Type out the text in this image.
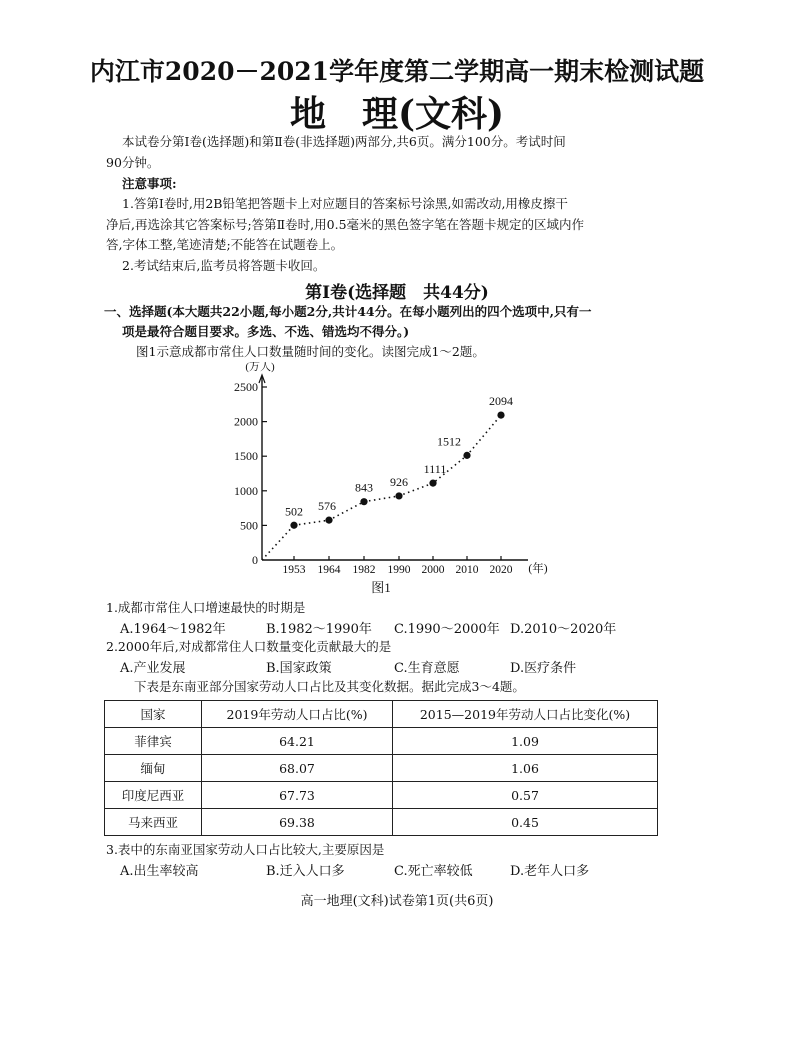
内江市2020－2021学年度第二学期高一期末检测试题
地　理(文科)
本试卷分第Ⅰ卷(选择题)和第Ⅱ卷(非选择题)两部分,共6页。满分100分。考试时间
90分钟。
注意事项:
1.答第Ⅰ卷时,用2B铅笔把答题卡上对应题目的答案标号涂黑,如需改动,用橡皮擦干
净后,再选涂其它答案标号;答第Ⅱ卷时,用0.5毫米的黑色签字笔在答题卡规定的区域内作
答,字体工整,笔迹清楚;不能答在试题卷上。
2.考试结束后,监考员将答题卡收回。
第Ⅰ卷(选择题　共44分)
一、选择题(本大题共22小题,每小题2分,共计44分。在每小题列出的四个选项中,只有一
项是最符合题目要求。多选、不选、错选均不得分。)
图1示意成都市常住人口数量随时间的变化。读图完成1～2题。
0
500
1000
1500
2000
2500
(万人)
1953 1964 1982 1990 2000 2010 2020 (年)
502 576
843 926
1111
1512
2094
图1
1.成都市常住人口增速最快的时期是
A.1964～1982年	B.1982～1990年 C.1990～2000年 D.2010～2020年
2.2000年后,对成都常住人口数量变化贡献最大的是
A.产业发展	B.国家政策	C.生育意愿	D.医疗条件
下表是东南亚部分国家劳动人口占比及其变化数据。据此完成3～4题。
国家	2019年劳动人口占比(%)	2015—2019年劳动人口占比变化(%)
菲律宾	64.21	1.09
缅甸	68.07	1.06
印度尼西亚	67.73	0.57
马来西亚	69.38	0.45
3.表中的东南亚国家劳动人口占比较大,主要原因是
A.出生率较高	B.迁入人口多	C.死亡率较低	D.老年人口多
高一地理(文科)试卷第1页(共6页)
